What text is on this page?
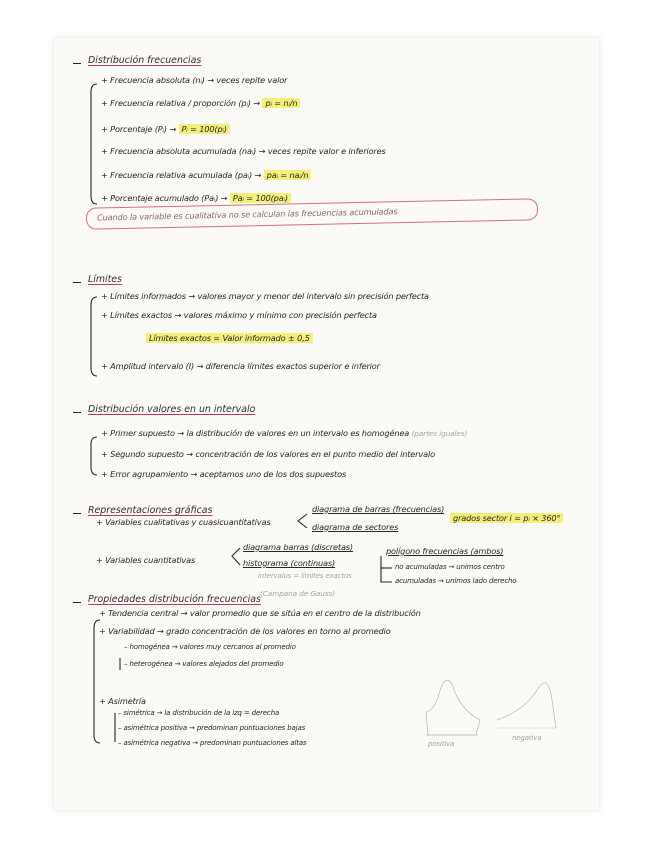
Distribución frecuencias
+ Frecuencia absoluta (nᵢ) → veces repite valor
+ Frecuencia relativa / proporción (pᵢ) → pᵢ = nᵢ/n
+ Porcentaje (Pᵢ) → Pᵢ = 100(pᵢ)
+ Frecuencia absoluta acumulada (naᵢ) → veces repite valor e inferiores
+ Frecuencia relativa acumulada (paᵢ) → paᵢ = naᵢ/n
+ Porcentaje acumulado (Paᵢ) → Paᵢ = 100(paᵢ)
Cuando la variable es cualitativa no se calculan las frecuencias acumuladas
Límites
+ Límites informados → valores mayor y menor del intervalo sin precisión perfecta
+ Límites exactos → valores máximo y mínimo con precisión perfecta
Límites exactos = Valor informado ± 0,5
+ Amplitud intervalo (I) → diferencia límites exactos superior e inferior
Distribución valores en un intervalo
+ Primer supuesto → la distribución de valores en un intervalo es homogénea (partes iguales)
+ Segundo supuesto → concentración de los valores en el punto medio del intervalo
+ Error agrupamiento → aceptamos uno de los dos supuestos
Representaciones gráficas
+ Variables cualitativas y cuasicuantitativas
diagrama de barras (frecuencias)
diagrama de sectores
grados sector i = pᵢ × 360°
+ Variables cuantitativas
diagrama barras (discretas)
histograma (continuas)
intervalos = límites exactos
polígono frecuencias (ambos)
no acumuladas → unimos centro
acumuladas → unimos lado derecho
Propiedades distribución frecuencias
(Campana de Gauss)
+ Tendencia central → valor promedio que se sitúa en el centro de la distribución
+ Variabilidad → grado concentración de los valores en torno al promedio
– homogénea → valores muy cercanos al promedio
– heterogénea → valores alejados del promedio
+ Asimetría
– simétrica → la distribución de la izq = derecha
– asimétrica positiva → predominan puntuaciones bajas
– asimétrica negativa → predominan puntuaciones altas	positiva
negativa
